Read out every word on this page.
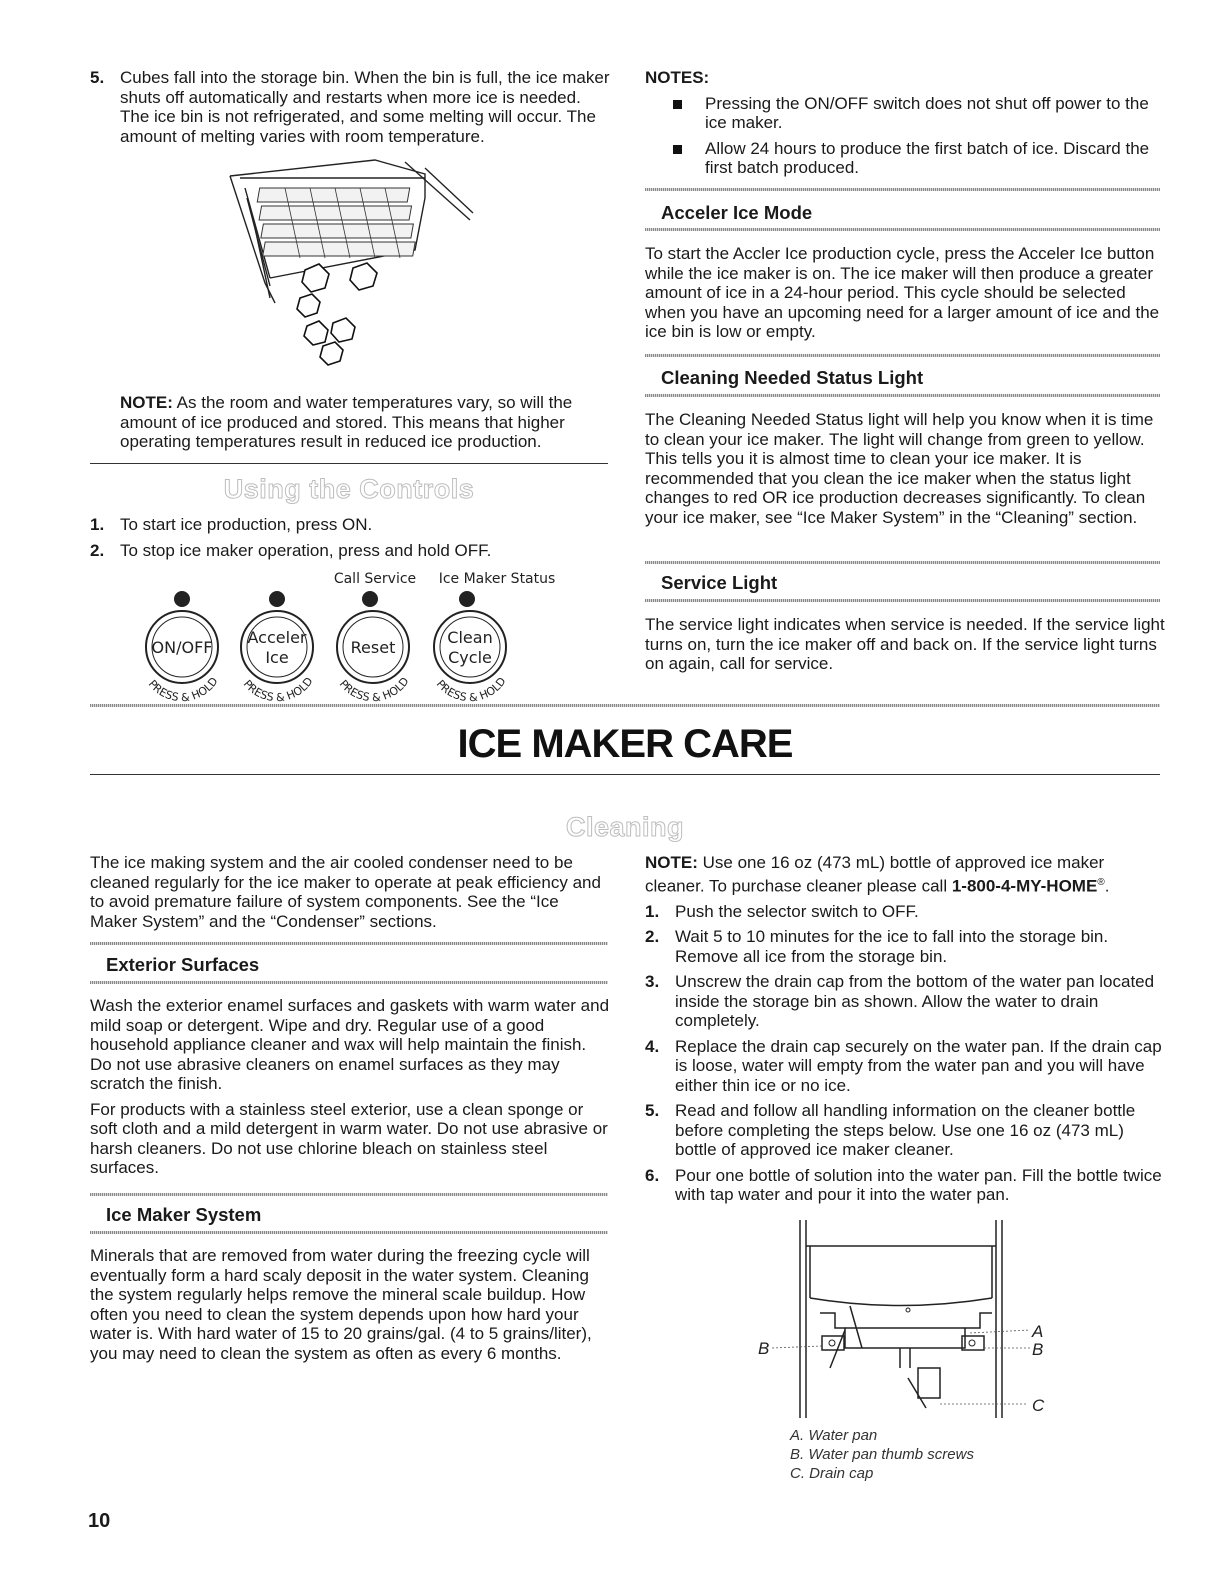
5. Cubes fall into the storage bin. When the bin is full, the ice maker shuts off automatically and restarts when more ice is needed. The ice bin is not refrigerated, and some melting will occur. The amount of melting varies with room temperature.

NOTE: As the room and water temperatures vary, so will the amount of ice produced and stored. This means that higher operating temperatures result in reduced ice production.

Using the Controls
1. To start ice production, press ON.

2. To stop ice maker operation, press and hold OFF.

Call Service Ice Maker Status
ON/OFF
Acceler
Ice
Reset
Clean
Cycle
PRESS & HOLD PRESS & HOLD PRESS & HOLD PRESS & HOLD

NOTES:

Pressing the ON/OFF switch does not shut off power to the ice maker.

Allow 24 hours to produce the first batch of ice. Discard the first batch produced.

Acceler Ice Mode

To start the Accler Ice production cycle, press the Acceler Ice button while the ice maker is on. The ice maker will then produce a greater amount of ice in a 24-hour period. This cycle should be selected when you have an upcoming need for a larger amount of ice and the ice bin is low or empty.

Cleaning Needed Status Light

The Cleaning Needed Status light will help you know when it is time to clean your ice maker. The light will change from green to yellow. This tells you it is almost time to clean your ice maker. It is recommended that you clean the ice maker when the status light changes to red OR ice production decreases significantly. To clean your ice maker, see “Ice Maker System” in the “Cleaning” section.

Service Light

The service light indicates when service is needed. If the service light turns on, turn the ice maker off and back on. If the service light turns on again, call for service.

ICE MAKER CARE
Cleaning

The ice making system and the air cooled condenser need to be cleaned regularly for the ice maker to operate at peak efficiency and to avoid premature failure of system components. See the “Ice Maker System” and the “Condenser” sections.

Exterior Surfaces

Wash the exterior enamel surfaces and gaskets with warm water and mild soap or detergent. Wipe and dry. Regular use of a good household appliance cleaner and wax will help maintain the finish. Do not use abrasive cleaners on enamel surfaces as they may scratch the finish.

For products with a stainless steel exterior, use a clean sponge or soft cloth and a mild detergent in warm water. Do not use abrasive or harsh cleaners. Do not use chlorine bleach on stainless steel surfaces.

Ice Maker System

Minerals that are removed from water during the freezing cycle will eventually form a hard scaly deposit in the water system. Cleaning the system regularly helps remove the mineral scale buildup. How often you need to clean the system depends upon how hard your water is. With hard water of 15 to 20 grains/gal. (4 to 5 grains/liter), you may need to clean the system as often as every 6 months.

NOTE: Use one 16 oz (473 mL) bottle of approved ice maker cleaner. To purchase cleaner please call 1-800-4-MY-HOME®.

1. Push the selector switch to OFF.

2. Wait 5 to 10 minutes for the ice to fall into the storage bin. Remove all ice from the storage bin.

3. Unscrew the drain cap from the bottom of the water pan located inside the storage bin as shown. Allow the water to drain completely.

4. Replace the drain cap securely on the water pan. If the drain cap is loose, water will empty from the water pan and you will have either thin ice or no ice.

5. Read and follow all handling information on the cleaner bottle before completing the steps below. Use one 16 oz (473 mL) bottle of approved ice maker cleaner.

6. Pour one bottle of solution into the water pan. Fill the bottle twice with tap water and pour it into the water pan.

A
B	B
C

A. Water pan

B. Water pan thumb screws

C. Drain cap

10
